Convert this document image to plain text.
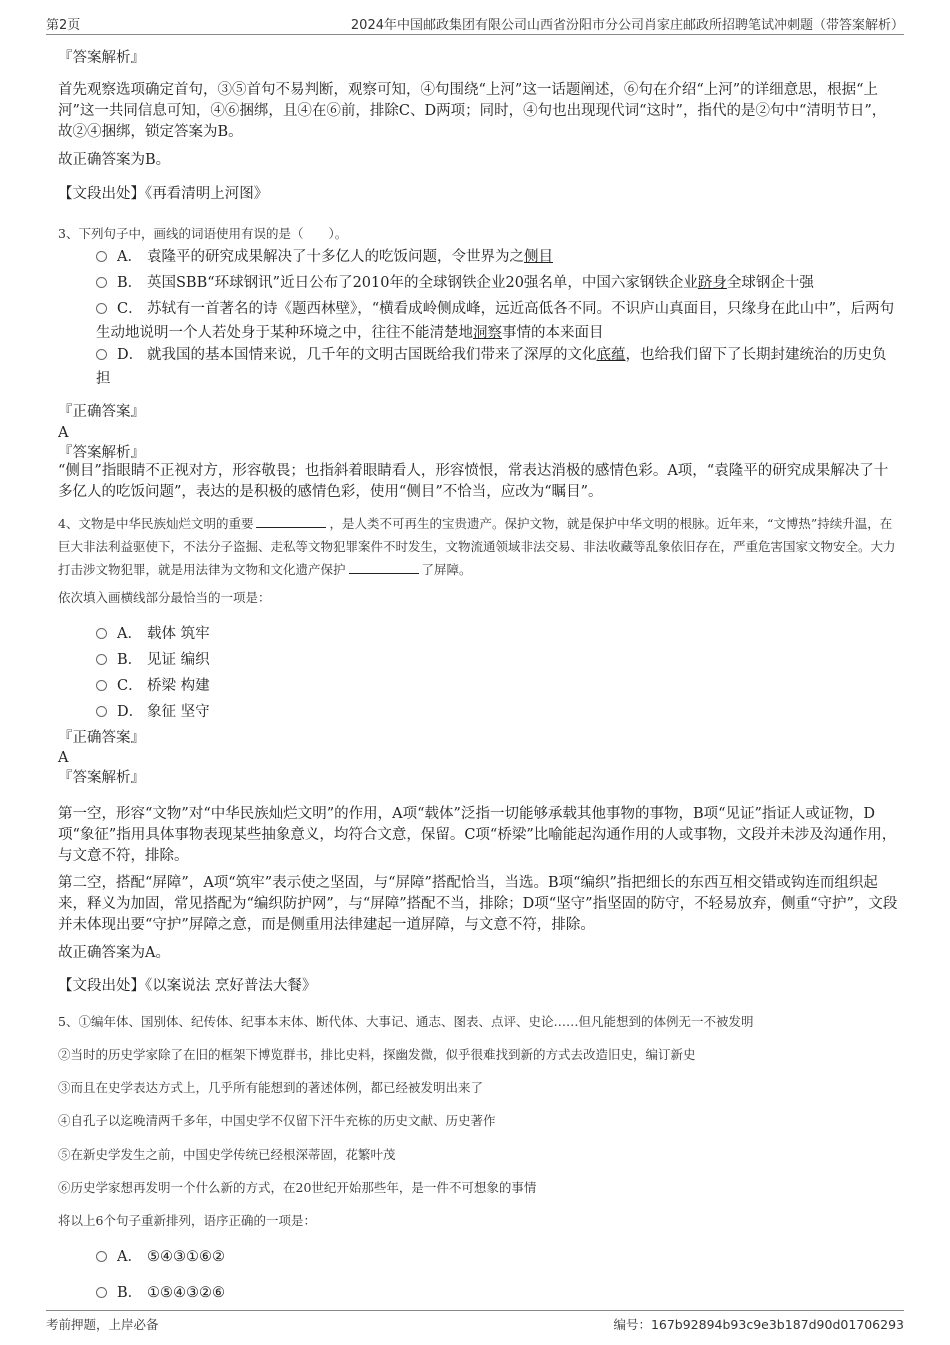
第2页	2024年中国邮政集团有限公司山西省汾阳市分公司肖家庄邮政所招聘笔试冲刺题（带答案解析）
『答案解析』
首先观察选项确定首句，③⑤首句不易判断，观察可知，④句围绕“上河”这一话题阐述，⑥句在介绍“上河”的详细意思，根据“上河”这一共同信息可知，④⑥捆绑，且④在⑥前，排除C、D两项；同时，④句也出现现代词“这时”，指代的是②句中“清明节日”，故②④捆绑，锁定答案为B。
故正确答案为B。
【文段出处】《再看清明上河图》
3、下列句子中，画线的词语使用有误的是（　　）。
A． 袁隆平的研究成果解决了十多亿人的吃饭问题，令世界为之侧目
B． 英国SBB“环球钢讯”近日公布了2010年的全球钢铁企业20强名单，中国六家钢铁企业跻身全球钢企十强
C． 苏轼有一首著名的诗《题西林壁》，“横看成岭侧成峰，远近高低各不同。不识庐山真面目，只缘身在此山中”，后两句生动地说明一个人若处身于某种环境之中，往往不能清楚地洞察事情的本来面目
D． 就我国的基本国情来说，几千年的文明古国既给我们带来了深厚的文化底蕴，也给我们留下了长期封建统治的历史负担
『正确答案』
A
『答案解析』
“侧目”指眼睛不正视对方，形容敬畏；也指斜着眼睛看人，形容愤恨，常表达消极的感情色彩。A项，“袁隆平的研究成果解决了十多亿人的吃饭问题”，表达的是积极的感情色彩，使用“侧目”不恰当，应改为“瞩目”。
4、文物是中华民族灿烂文明的重要	，是人类不可再生的宝贵遗产。保护文物，就是保护中华文明的根脉。近年来，“文博热”持续升温，在巨大非法利益驱使下，不法分子盗掘、走私等文物犯罪案件不时发生，文物流通领域非法交易、非法收藏等乱象依旧存在，严重危害国家文物安全。大力打击涉文物犯罪，就是用法律为文物和文化遗产保护	了屏障。
依次填入画横线部分最恰当的一项是：
A． 载体 筑牢
B． 见证 编织
C． 桥梁 构建
D． 象征 坚守
『正确答案』
A
『答案解析』
第一空，形容“文物”对“中华民族灿烂文明”的作用，A项“载体”泛指一切能够承载其他事物的事物，B项“见证”指证人或证物，D项“象征”指用具体事物表现某些抽象意义，均符合文意，保留。C项“桥梁”比喻能起沟通作用的人或事物，文段并未涉及沟通作用，与文意不符，排除。
第二空，搭配“屏障”，A项“筑牢”表示使之坚固，与“屏障”搭配恰当，当选。B项“编织”指把细长的东西互相交错或钩连而组织起来，释义为加固，常见搭配为“编织防护网”，与“屏障”搭配不当，排除；D项“坚守”指坚固的防守，不轻易放弃，侧重“守护”，文段并未体现出要“守护”屏障之意，而是侧重用法律建起一道屏障，与文意不符，排除。
故正确答案为A。
【文段出处】《以案说法 烹好普法大餐》
5、①编年体、国别体、纪传体、纪事本末体、断代体、大事记、通志、图表、点评、史论……但凡能想到的体例无一不被发明
②当时的历史学家除了在旧的框架下博览群书，排比史料，探幽发微，似乎很难找到新的方式去改造旧史，编订新史
③而且在史学表达方式上，几乎所有能想到的著述体例，都已经被发明出来了
④自孔子以迄晚清两千多年，中国史学不仅留下汗牛充栋的历史文献、历史著作
⑤在新史学发生之前，中国史学传统已经根深蒂固，花繁叶茂
⑥历史学家想再发明一个什么新的方式，在20世纪开始那些年，是一件不可想象的事情
将以上6个句子重新排列，语序正确的一项是：
A． ⑤④③①⑥②
B． ①⑤④③②⑥
考前押题，上岸必备	编号：167b92894b93c9e3b187d90d01706293
